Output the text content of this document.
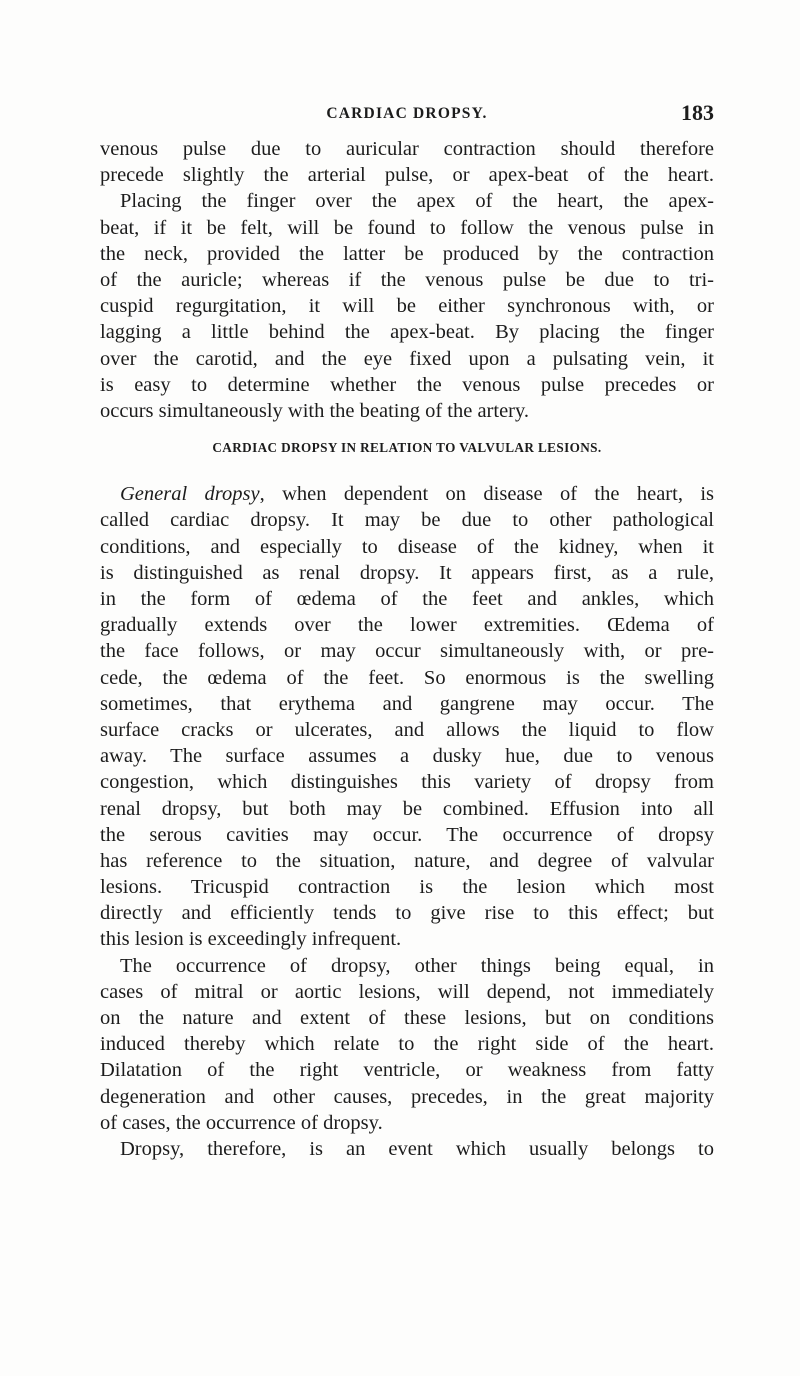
CARDIAC DROPSY.	183
venous pulse due to auricular contraction should therefore
precede slightly the arterial pulse, or apex-beat of the heart.
Placing the finger over the apex of the heart, the apex-
beat, if it be felt, will be found to follow the venous pulse in
the neck, provided the latter be produced by the contraction
of the auricle; whereas if the venous pulse be due to tri-
cuspid regurgitation, it will be either synchronous with, or
lagging a little behind the apex-beat. By placing the finger
over the carotid, and the eye fixed upon a pulsating vein, it
is easy to determine whether the venous pulse precedes or
occurs simultaneously with the beating of the artery.
CARDIAC DROPSY IN RELATION TO VALVULAR LESIONS.
General dropsy, when dependent on disease of the heart, is
called cardiac dropsy. It may be due to other pathological
conditions, and especially to disease of the kidney, when it
is distinguished as renal dropsy. It appears first, as a rule,
in the form of œdema of the feet and ankles, which
gradually extends over the lower extremities. Œdema of
the face follows, or may occur simultaneously with, or pre-
cede, the œdema of the feet. So enormous is the swelling
sometimes, that erythema and gangrene may occur. The
surface cracks or ulcerates, and allows the liquid to flow
away. The surface assumes a dusky hue, due to venous
congestion, which distinguishes this variety of dropsy from
renal dropsy, but both may be combined. Effusion into all
the serous cavities may occur. The occurrence of dropsy
has reference to the situation, nature, and degree of valvular
lesions. Tricuspid contraction is the lesion which most
directly and efficiently tends to give rise to this effect; but
this lesion is exceedingly infrequent.
The occurrence of dropsy, other things being equal, in
cases of mitral or aortic lesions, will depend, not immediately
on the nature and extent of these lesions, but on conditions
induced thereby which relate to the right side of the heart.
Dilatation of the right ventricle, or weakness from fatty
degeneration and other causes, precedes, in the great majority
of cases, the occurrence of dropsy.
Dropsy, therefore, is an event which usually belongs to
